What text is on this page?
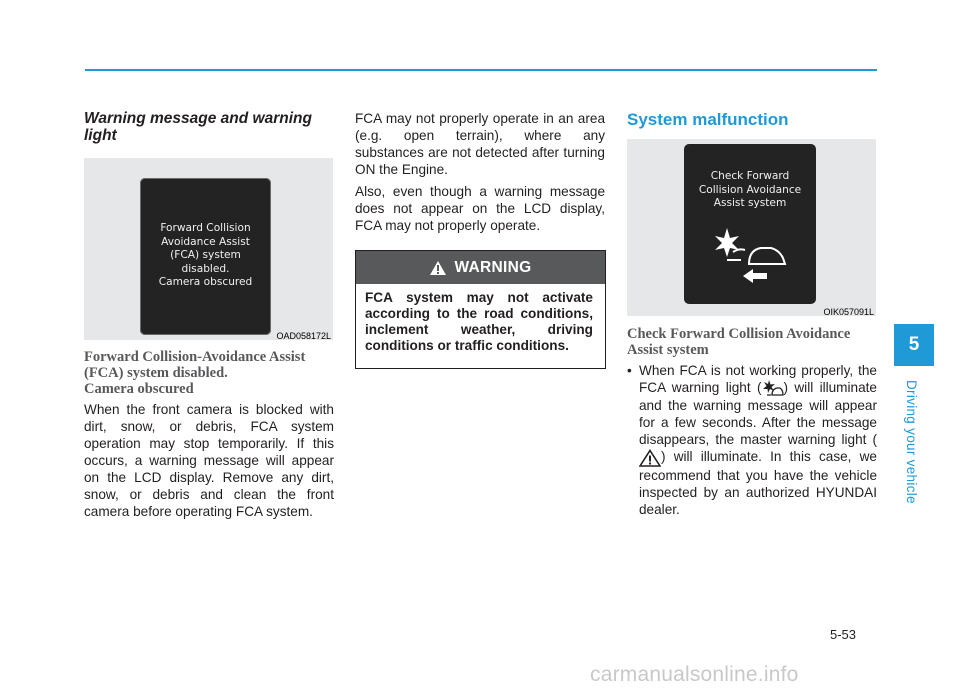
Warning message and warning light
Forward Collision
Avoidance Assist
(FCA) system
disabled.
Camera obscured
OAD058172L

Forward Collision-Avoidance Assist

(FCA) system disabled.

Camera obscured

When the front camera is blocked with dirt, snow, or debris, FCA system operation may stop temporarily. If this occurs, a warning message will appear on the LCD display. Remove any dirt, snow, or debris and clean the front camera before operating FCA system.

FCA may not properly operate in an area (e.g. open terrain), where any substances are not detected after turning ON the Engine.

Also, even though a warning message does not appear on the LCD display, FCA may not properly operate.

WARNING
FCA system may not activate according to the road conditions, inclement weather, driving conditions or traffic conditions.
System malfunction
Check Forward
Collision Avoidance
Assist system
OIK057091L

Check Forward Collision Avoidance

Assist system

• When FCA is not working properly, the FCA warning light ( ) will illuminate and the warning message will appear for a few seconds. After the message disappears, the master warning light () will illuminate. In this case, we recommend that you have the vehicle inspected by an authorized HYUNDAI dealer.
5
Driving your vehicle
5-53
carmanualsonline.info
